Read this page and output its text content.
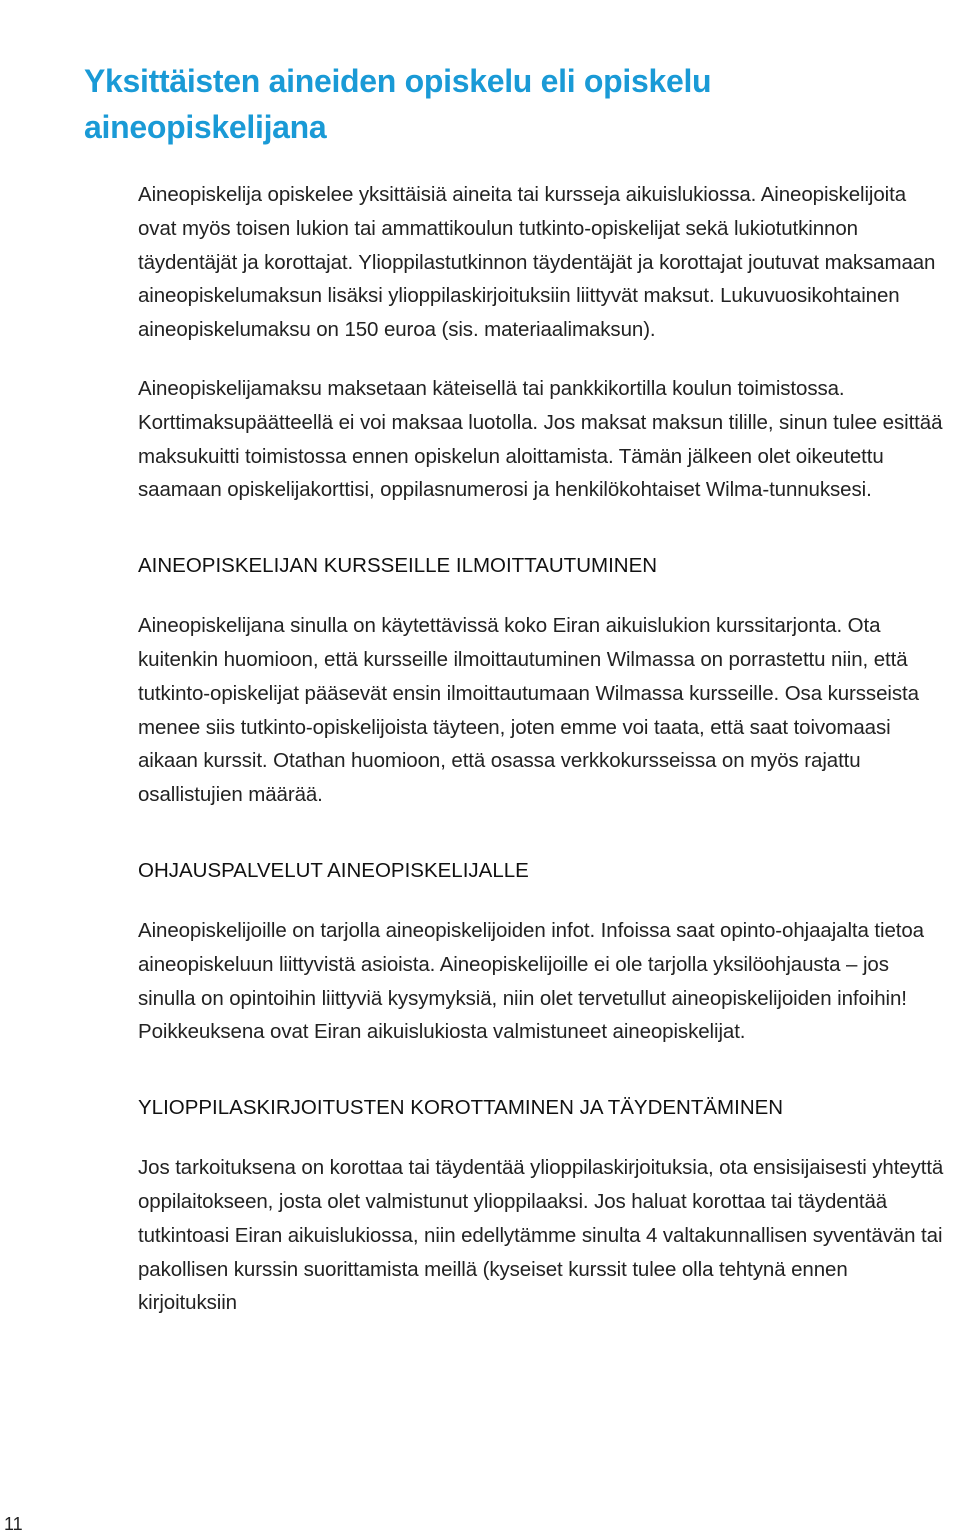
Yksittäisten aineiden opiskelu eli opiskelu aineopiskelijana

Aineopiskelija opiskelee yksittäisiä aineita tai kursseja aikuislukiossa. Aineopiskelijoita ovat myös toisen lukion tai ammattikoulun tutkinto-opiskelijat sekä lukiotutkinnon täydentäjät ja korottajat. Ylioppilastutkinnon täydentäjät ja korottajat joutuvat maksamaan aineopiskelumaksun lisäksi ylioppilaskirjoituksiin liittyvät maksut. Lukuvuosikohtainen aineopiskelumaksu on 150 euroa (sis. materiaalimaksun).

Aineopiskelijamaksu maksetaan käteisellä tai pankkikortilla koulun toimistossa. Korttimaksupäätteellä ei voi maksaa luotolla. Jos maksat maksun tilille, sinun tulee esittää maksukuitti toimistossa ennen opiskelun aloittamista. Tämän jälkeen olet oikeutettu saamaan opiskelijakorttisi, oppilasnumerosi ja henkilökohtaiset Wilma-tunnuksesi.

AINEOPISKELIJAN KURSSEILLE ILMOITTAUTUMINEN

Aineopiskelijana sinulla on käytettävissä koko Eiran aikuislukion kurssitarjonta. Ota kuitenkin huomioon, että kursseille ilmoittautuminen Wilmassa on porrastettu niin, että tutkinto-opiskelijat pääsevät ensin ilmoittautumaan Wilmassa kursseille. Osa kursseista menee siis tutkinto-opiskelijoista täyteen, joten emme voi taata, että saat toivomaasi aikaan kurssit. Otathan huomioon, että osassa verkkokursseissa on myös rajattu osallistujien määrää.

OHJAUSPALVELUT AINEOPISKELIJALLE

Aineopiskelijoille on tarjolla aineopiskelijoiden infot. Infoissa saat opinto-ohjaajalta tietoa aineopiskeluun liittyvistä asioista. Aineopiskelijoille ei ole tarjolla yksilöohjausta – jos sinulla on opintoihin liittyviä kysymyksiä, niin olet tervetullut aineopiskelijoiden infoihin! Poikkeuksena ovat Eiran aikuislukiosta valmistuneet aineopiskelijat.

YLIOPPILASKIRJOITUSTEN KOROTTAMINEN JA TÄYDENTÄMINEN

Jos tarkoituksena on korottaa tai täydentää ylioppilaskirjoituksia, ota ensisijaisesti yhteyttä oppilaitokseen, josta olet valmistunut ylioppilaaksi. Jos haluat korottaa tai täydentää tutkintoasi Eiran aikuislukiossa, niin edellytämme sinulta 4 valtakunnallisen syventävän tai pakollisen kurssin suorittamista meillä (kyseiset kurssit tulee olla tehtynä ennen kirjoituksiin

11
